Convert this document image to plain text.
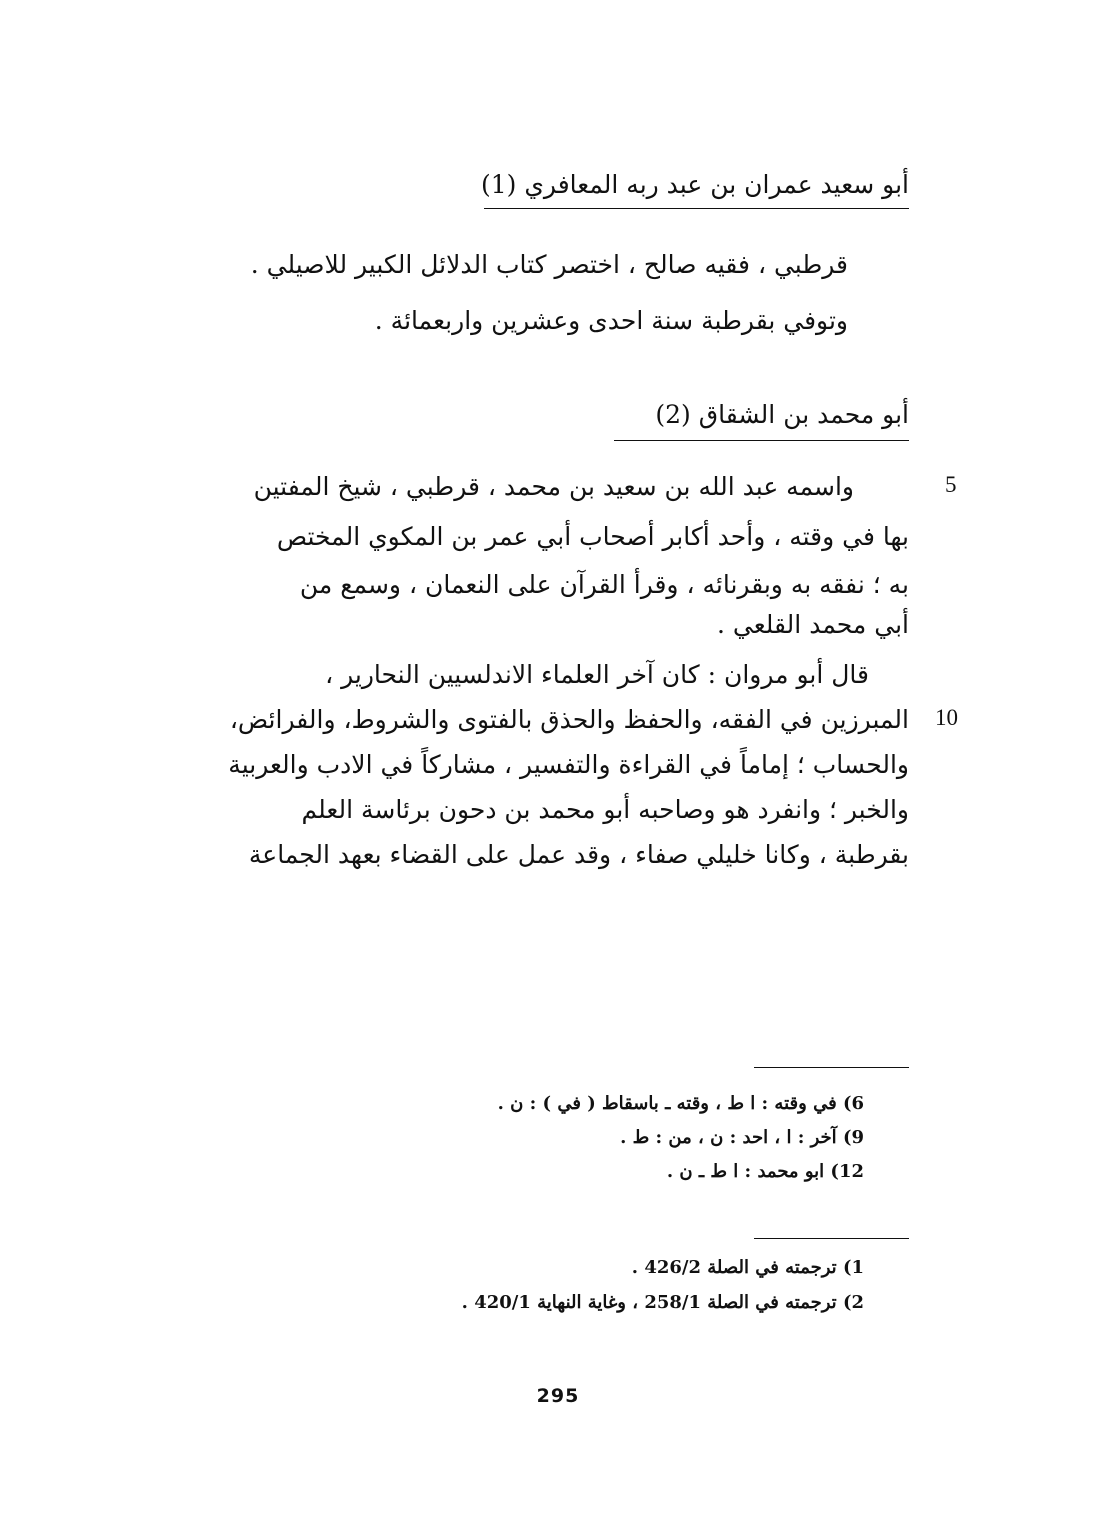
أبو سعيد عمران بن عبد ربه المعافري (1)
قرطبي ، فقيه صالح ، اختصر كتاب الدلائل الكبير للاصيلي .
وتوفي بقرطبة سنة احدى وعشرين واربعمائة .
أبو محمد بن الشقاق (2)
واسمه عبد الله بن سعيد بن محمد ، قرطبي ، شيخ المفتين
بها في وقته ، وأحد أكابر أصحاب أبي عمر بن المكوي المختص
به ؛ نفقه به وبقرنائه ، وقرأ القرآن على النعمان ، وسمع من
أبي محمد القلعي .
قال أبو مروان : كان آخر العلماء الاندلسيين النحارير ،
المبرزين في الفقه، والحفظ والحذق بالفتوى والشروط، والفرائض،
والحساب ؛ إماماً في القراءة والتفسير ، مشاركاً في الادب والعربية
والخبر ؛ وانفرد هو وصاحبه أبو محمد بن دحون برئاسة العلم
بقرطبة ، وكانا خليلي صفاء ، وقد عمل على القضاء بعهد الجماعة
5
10
6) في وقته : ا ط ، وقته ـ باسقاط ( في ) : ن .
9) آخر : ا ، احد : ن ، من : ط .
12) ابو محمد : ا ط ـ ن .
1) ترجمته في الصلة 426/2 .
2) ترجمته في الصلة 258/1 ، وغاية النهاية 420/1 .
295
